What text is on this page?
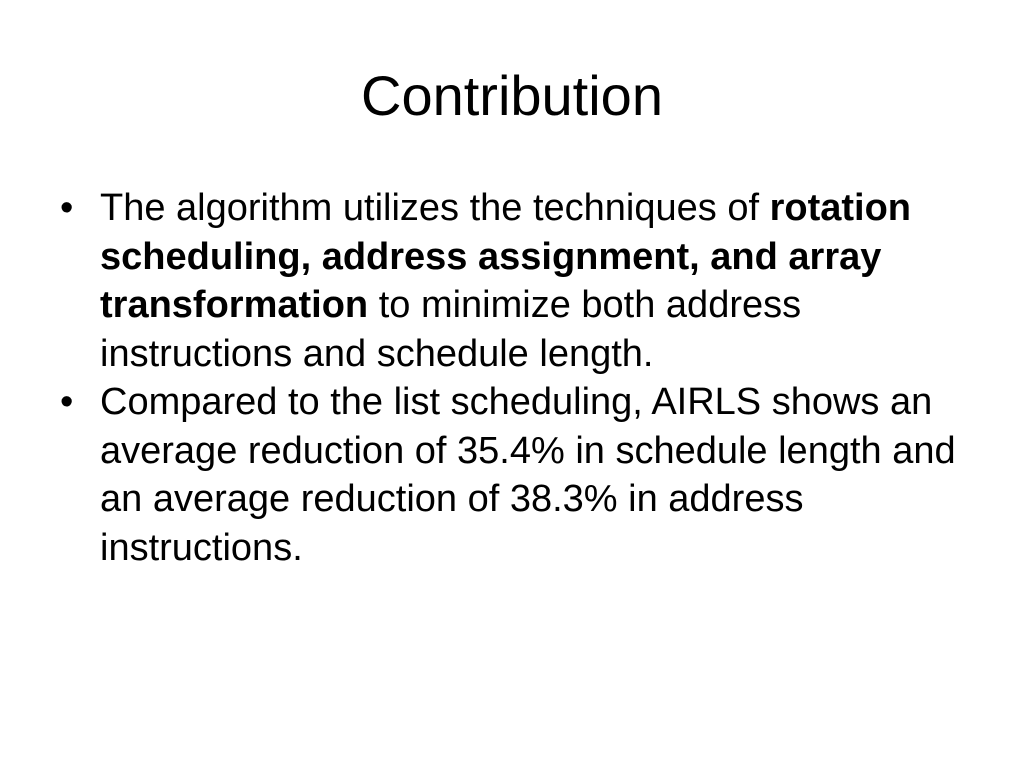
Contribution
• The algorithm utilizes the techniques of rotation scheduling, address assignment, and array transformation to minimize both address instructions and schedule length.
• Compared to the list scheduling, AIRLS shows an average reduction of 35.4% in schedule length and an average reduction of 38.3% in address instructions.
